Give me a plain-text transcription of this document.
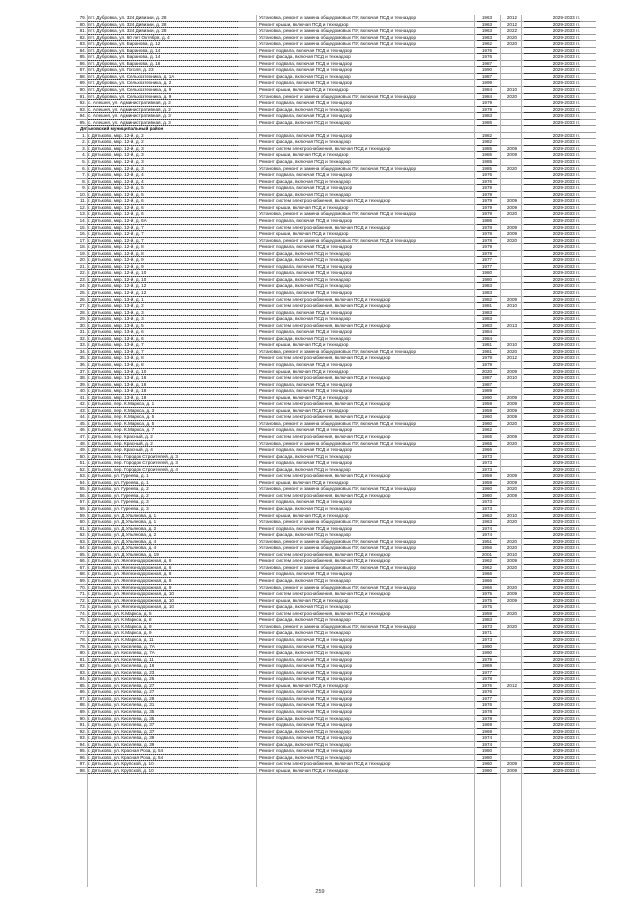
79. пгт. Дубровка, ул. 324 Дивизии, д. 28	Установка, ремонт и замена общедомовых ПУ, включая ПСД и техназдор	1963	2012	2029-2033 гг.
80. пгт. Дубровка, ул. 324 Дивизии, д. 28	Ремонт крыши, включая ПСД и технадзор	1963	2012	2029-2033 гг.
81. пгт. Дубровка, ул. 324 Дивизии, д. 28	Установка, ремонт и замена общедомовых ПУ, включая ПСД и техназдор	1963	2022	2029-2033 гг.
82. пгт. Дубровка, ул. 60 лет Октября, д. 4	Установка, ремонт и замена общедомовых ПУ, включая ПСД и техназдор	1963	2020	2029-2033 гг.
83. пгт. Дубровка, ул. Баранова, д. 12	Установка, ремонт и замена общедомовых ПУ, включая ПСД и техназдор	1962	2020	2029-2033 гг.
84. пгт. Дубровка, ул. Баранова, д. 14	Ремонт подвала, включая ПСД и технадзор	1976	2029-2033 гг.
85. пгт. Дубровка, ул. Баранова, д. 14	Ремонт фасада, включая ПСД и технадзор	1976	2029-2033 гг.
86. пгт. Дубровка, ул. Баранова, д. 16	Ремонт подвала, включая ПСД и технадзор	1987	2029-2033 гг.
87. пгт. Дубровка, ул. Гоголя, д. 23	Ремонт подвала, включая ПСД и технадзор	1990	2029-2033 гг.
88. пгт. Дубровка, ул. Сельхозтехника, д. 1А	Ремонт фасада, включая ПСД и технадзор	1987	2029-2033 гг.
89. пгт. Дубровка, ул. Сельхозтехника, д. 2	Ремонт подвала, включая ПСД и технадзор	1999	2029-2033 гг.
90. пгт. Дубровка, ул. Сельхозтехника, д. 9	Ремонт крыши, включая ПСД и технадзор	1984	2010	2029-2033 гг.
91. пгт. Дубровка, ул. Сельхозтехника, д. 9	Установка, ремонт и замена общедомовых ПУ, включая ПСД и техназдор	1984	2020	2029-2033 гг.
92. с. Алешня, ул. Административная, д. 2	Ремонт подвала, включая ПСД и технадзор	1979	2029-2033 гг.
93. с. Алешня, ул. Административная, д. 2	Ремонт фасада, включая ПСД и технадзор	1979	2029-2033 гг.
94. с. Алешня, ул. Административная, д. 3	Ремонт подвала, включая ПСД и технадзор	1983	2029-2033 гг.
95. с. Алешня, ул. Административная, д. 3	Ремонт фасада, включая ПСД и технадзор	1986	2029-2033 гг.
Дятьковский муниципальный район
1. г. Дятьково, мкр. 12-й, д. 2	Ремонт подвала, включая ПСД и технадзор	1982	2029-2033 гг.
2. г. Дятьково, мкр. 12-й, д. 2	Ремонт фасада, включая ПСД и технадзор	1982	2029-2033 гг.
3. г. Дятьково, мкр. 12-й, д. 3	Ремонт систем электроснабжения, включая ПСД и технадзор	1985	2009	2029-2033 гг.
4. г. Дятьково, мкр. 12-й, д. 3	Ремонт крыши, включая ПСД и технадзор	1985	2009	2029-2033 гг.
5. г. Дятьково, мкр. 12-й, д. 3	Ремонт фасада, включая ПСД и технадзор	1985	2029-2033 гг.
6. г. Дятьково, мкр. 12-й, д. 3	Установка, ремонт и замена общедомовых ПУ, включая ПСД и техназдор	1985	2020	2029-2033 гг.
7. г. Дятьково, мкр. 12-й, д. 4	Ремонт подвала, включая ПСД и технадзор	1976	2029-2033 гг.
8. г. Дятьково, мкр. 12-й, д. 4	Ремонт фасада, включая ПСД и технадзор	1976	2029-2033 гг.
9. г. Дятьково, мкр. 12-й, д. 5	Ремонт подвала, включая ПСД и технадзор	1979	2029-2033 гг.
10. г. Дятьково, мкр. 12-й, д. 5	Ремонт фасада, включая ПСД и технадзор	1979	2029-2033 гг.
11. г. Дятьково, мкр. 12-й, д. 6	Ремонт систем электроснабжения, включая ПСД и технадзор	1979	2009	2029-2033 гг.
12. г. Дятьково, мкр. 12-й, д. 6	Ремонт крыши, включая ПСД и технадзор	1979	2009	2029-2033 гг.
13. г. Дятьково, мкр. 12-й, д. 6	Установка, ремонт и замена общедомовых ПУ, включая ПСД и техназдор	1979	2020	2029-2033 гг.
14. г. Дятьково, мкр. 12-й, д. 6А	Ремонт подвала, включая ПСД и технадзор	1986	2029-2033 гг.
15. г. Дятьково, мкр. 12-й, д. 7	Ремонт систем электроснабжения, включая ПСД и технадзор	1978	2009	2029-2033 гг.
16. г. Дятьково, мкр. 12-й, д. 7	Ремонт крыши, включая ПСД и технадзор	1978	2009	2029-2033 гг.
17. г. Дятьково, мкр. 12-й, д. 7	Установка, ремонт и замена общедомовых ПУ, включая ПСД и техназдор	1978	2020	2029-2033 гг.
18. г. Дятьково, мкр. 12-й, д. 8	Ремонт подвала, включая ПСД и технадзор	1979	2029-2033 гг.
19. г. Дятьково, мкр. 12-й, д. 8	Ремонт фасада, включая ПСД и технадзор	1979	2029-2033 гг.
20. г. Дятьково, мкр. 12-й, д. 9	Ремонт фасада, включая ПСД и технадзор	1977	2029-2033 гг.
21. г. Дятьково, мкр. 12-й, д. 9	Ремонт подвала, включая ПСД и технадзор	1977	2029-2033 гг.
22. г. Дятьково, мкр. 12-й, д. 10	Ремонт подвала, включая ПСД и технадзор	1980	2029-2033 гг.
23. г. Дятьково, мкр. 12-й, д. 10	Ремонт фасада, включая ПСД и технадзор	1980	2029-2033 гг.
24. г. Дятьково, мкр. 12-й, д. 12	Ремонт фасада, включая ПСД и технадзор	1983	2029-2033 гг.
25. г. Дятьково, мкр. 12-й, д. 12	Ремонт подвала, включая ПСД и технадзор	1983	2029-2033 гг.
26. г. Дятьково, мкр. 13-й, д. 1	Ремонт систем электроснабжения, включая ПСД и технадзор	1982	2009	2029-2033 гг.
27. г. Дятьково, мкр. 13-й, д. 2	Ремонт систем электроснабжения, включая ПСД и технадзор	1981	2010	2029-2033 гг.
28. г. Дятьково, мкр. 13-й, д. 3	Ремонт подвала, включая ПСД и технадзор	1983	2029-2033 гг.
29. г. Дятьково, мкр. 13-й, д. 3	Ремонт фасада, включая ПСД и технадзор	1983	2029-2033 гг.
30. г. Дятьково, мкр. 13-й, д. 5	Ремонт систем электроснабжения, включая ПСД и технадзор	1983	2013	2029-2033 гг.
31. г. Дятьково, мкр. 13-й, д. 6	Ремонт подвала, включая ПСД и технадзор	1984	2029-2033 гг.
32. г. Дятьково, мкр. 13-й, д. 6	Ремонт фасада, включая ПСД и технадзор	1984	2029-2033 гг.
33. г. Дятьково, мкр. 13-й, д. 7	Ремонт крыши, включая ПСД и технадзор	1981	2010	2029-2033 гг.
34. г. Дятьково, мкр. 13-й, д. 7	Установка, ремонт и замена общедомовых ПУ, включая ПСД и техназдор	1981	2020	2029-2033 гг.
35. г. Дятьково, мкр. 13-й, д. 8	Ремонт систем электроснабжения, включая ПСД и технадзор	1979	2012	2029-2033 гг.
36. г. Дятьково, мкр. 13-й, д. 8	Ремонт подвала, включая ПСД и технадзор	1979	2029-2033 гг.
37. г. Дятьково, мкр. 13-й, д. 10	Ремонт крыши, включая ПСД и технадзор	2020	2009	2029-2033 гг.
38. г. Дятьково, мкр. 13-й, д. 16	Ремонт систем электроснабжения, включая ПСД и технадзор	1987	2010	2029-2033 гг.
39. г. Дятьково, мкр. 13-й, д. 16	Ремонт подвала, включая ПСД и технадзор	1987	2029-2033 гг.
40. г. Дятьково, мкр. 13-й, д. 18	Ремонт подвала, включая ПСД и технадзор	1989	2029-2033 гг.
41. г. Дятьково, мкр. 13-й, д. 18	Ремонт крыши, включая ПСД и технадзор	1990	2009	2029-2033 гг.
42. г. Дятьково, пер. К.Маркса, д. 1	Ремонт систем электроснабжения, включая ПСД и технадзор	1959	2009	2029-2033 гг.
43. г. Дятьково, пер. К.Маркса, д. 3	Ремонт крыши, включая ПСД и технадзор	1959	2009	2029-2033 гг.
44. г. Дятьково, пер. К.Маркса, д. 5	Ремонт систем электроснабжения, включая ПСД и технадзор	1960	2009	2029-2033 гг.
45. г. Дятьково, пер. К.Маркса, д. 5	Установка, ремонт и замена общедомовых ПУ, включая ПСД и техназдор	1960	2020	2029-2033 гг.
46. г. Дятьково, пер. К.Маркса, д. 7	Ремонт подвала, включая ПСД и технадзор	1962	2029-2033 гг.
47. г. Дятьково, пер. Красный, д. 2	Ремонт систем электроснабжения, включая ПСД и технадзор	1965	2009	2029-2033 гг.
48. г. Дятьково, пер. Красный, д. 2	Установка, ремонт и замена общедомовых ПУ, включая ПСД и техназдор	1965	2020	2029-2033 гг.
49. г. Дятьково, пер. Красный, д. 4	Ремонт подвала, включая ПСД и технадзор	1966	2029-2033 гг.
50. г. Дятьково, пер. Городок Строителей, д. 3	Ремонт фасада, включая ПСД и технадзор	1973	2029-2033 гг.
51. г. Дятьково, пер. Городок Строителей, д. 3	Ремонт подвала, включая ПСД и технадзор	1973	2029-2033 гг.
52. г. Дятьково, пер. Городок Строителей, д. 4	Ремонт фасада, включая ПСД и технадзор	1973	2029-2033 гг.
53. г. Дятьково, ул. Гуреева, д. 1	Ремонт систем электроснабжения, включая ПСД и технадзор	1959	2009	2029-2033 гг.
54. г. Дятьково, ул. Гуреева, д. 1	Ремонт крыши, включая ПСД и технадзор	1959	2009	2029-2033 гг.
55. г. Дятьково, ул. Гуреева, д. 2	Установка, ремонт и замена общедомовых ПУ, включая ПСД и техназдор	1960	2020	2029-2033 гг.
56. г. Дятьково, ул. Гуреева, д. 2	Ремонт систем электроснабжения, включая ПСД и технадзор	1960	2009	2029-2033 гг.
57. г. Дятьково, ул. Гуреева, д. 3	Ремонт подвала, включая ПСД и технадзор	1973	2029-2033 гг.
58. г. Дятьково, ул. Гуреева, д. 3	Ремонт фасада, включая ПСД и технадзор	1973	2029-2033 гг.
59. г. Дятьково, ул. Д.Ульянова, д. 1	Ремонт крыши, включая ПСД и технадзор	1963	2010	2029-2033 гг.
60. г. Дятьково, ул. Д.Ульянова, д. 1	Установка, ремонт и замена общедомовых ПУ, включая ПСД и техназдор	1963	2020	2029-2033 гг.
61. г. Дятьково, ул. Д.Ульянова, д. 2	Ремонт подвала, включая ПСД и технадзор	1974	2029-2033 гг.
62. г. Дятьково, ул. Д.Ульянова, д. 2	Ремонт фасада, включая ПСД и технадзор	1974	2029-2033 гг.
63. г. Дятьково, ул. Д.Ульянова, д. 4	Установка, ремонт и замена общедомовых ПУ, включая ПСД и техназдор	1951	2020	2029-2033 гг.
64. г. Дятьково, ул. Д.Ульянова, д. 4	Установка, ремонт и замена общедомовых ПУ, включая ПСД и техназдор	1956	2020	2029-2033 гг.
65. г. Дятьково, ул. Д.Ульянова, д. 19	Ремонт систем электроснабжения, включая ПСД и технадзор	2001	2010	2029-2033 гг.
66. г. Дятьково, ул. Железнодорожная, д. 6	Ремонт систем электроснабжения, включая ПСД и технадзор	1962	2009	2029-2033 гг.
67. г. Дятьково, ул. Железнодорожная, д. 6	Установка, ремонт и замена общедомовых ПУ, включая ПСД и техназдор	1962	2020	2029-2033 гг.
68. г. Дятьково, ул. Железнодорожная, д. 8	Ремонт подвала, включая ПСД и технадзор	1966	2029-2033 гг.
69. г. Дятьково, ул. Железнодорожная, д. 8	Ремонт фасада, включая ПСД и технадзор	1966	2029-2033 гг.
70. г. Дятьково, ул. Железнодорожная, д. 9	Установка, ремонт и замена общедомовых ПУ, включая ПСД и техназдор	1966	2020	2029-2033 гг.
71. г. Дятьково, ул. Железнодорожная, д. 10	Ремонт систем электроснабжения, включая ПСД и технадзор	1975	2009	2029-2033 гг.
72. г. Дятьково, ул. Железнодорожная, д. 10	Ремонт крыши, включая ПСД и технадзор	1975	2009	2029-2033 гг.
73. г. Дятьково, ул. Железнодорожная, д. 10	Ремонт фасада, включая ПСД и технадзор	1975	2029-2033 гг.
74. г. Дятьково, ул. К.Маркса, д. 5	Ремонт систем электроснабжения, включая ПСД и технадзор	1959	2020	2029-2033 гг.
75. г. Дятьково, ул. К.Маркса, д. 8	Ремонт фасада, включая ПСД и технадзор	1983	2029-2033 гг.
76. г. Дятьково, ул. К.Маркса, д. 9	Установка, ремонт и замена общедомовых ПУ, включая ПСД и техназдор	1973	2020	2029-2033 гг.
77. г. Дятьково, ул. К.Маркса, д. 9	Ремонт фасада, включая ПСД и технадзор	1971	2029-2033 гг.
78. г. Дятьково, ул. К.Маркса, д. 11	Ремонт подвала, включая ПСД и технадзор	1973	2029-2033 гг.
79. г. Дятьково, ул. Киселева, д. 7А	Ремонт подвала, включая ПСД и технадзор	1990	2029-2033 гг.
80. г. Дятьково, ул. Киселева, д. 7А	Ремонт фасада, включая ПСД и технадзор	1990	2029-2033 гг.
81. г. Дятьково, ул. Киселева, д. 11	Ремонт подвала, включая ПСД и технадзор	1979	2029-2033 гг.
82. г. Дятьково, ул. Киселева, д. 16	Ремонт подвала, включая ПСД и технадзор	1969	2029-2033 гг.
83. г. Дятьково, ул. Киселева, д. 23	Ремонт подвала, включая ПСД и технадзор	1977	2029-2033 гг.
84. г. Дятьково, ул. Киселева, д. 25	Ремонт подвала, включая ПСД и технадзор	1978	2029-2033 гг.
85. г. Дятьково, ул. Киселева, д. 27	Ремонт крыши, включая ПСД и технадзор	1976	2012	2029-2033 гг.
86. г. Дятьково, ул. Киселева, д. 27	Ремонт подвала, включая ПСД и технадзор	1976	2029-2033 гг.
87. г. Дятьково, ул. Киселева, д. 29	Ремонт подвала, включая ПСД и технадзор	1977	2029-2033 гг.
88. г. Дятьково, ул. Киселева, д. 31	Ремонт подвала, включая ПСД и технадзор	1976	2029-2033 гг.
89. г. Дятьково, ул. Киселева, д. 35	Ремонт подвала, включая ПСД и технадзор	1978	2029-2033 гг.
90. г. Дятьково, ул. Киселева, д. 35	Ремонт фасада, включая ПСД и технадзор	1978	2029-2033 гг.
91. г. Дятьково, ул. Киселева, д. 37	Ремонт подвала, включая ПСД и технадзор	1969	2029-2033 гг.
92. г. Дятьково, ул. Киселева, д. 37	Ремонт фасада, включая ПСД и технадзор	1969	2029-2033 гг.
93. г. Дятьково, ул. Киселева, д. 39	Ремонт подвала, включая ПСД и технадзор	1974	2029-2033 гг.
94. г. Дятьково, ул. Киселева, д. 39	Ремонт фасада, включая ПСД и технадзор	1974	2029-2033 гг.
95. г. Дятьково, ул. Красная Роза, д. 54	Ремонт подвала, включая ПСД и технадзор	1980	2029-2033 гг.
96. г. Дятьково, ул. Красная Роза, д. 54	Ремонт фасада, включая ПСД и технадзор	1980	2029-2033 гг.
97. г. Дятьково, ул. Крупской, д. 10	Ремонт систем электроснабжения, включая ПСД и технадзор	1960	2009	2029-2033 гг.
98. г. Дятьково, ул. Крупской, д. 10	Ремонт крыши, включая ПСД и технадзор	1960	2009	2029-2033 гг.
259
